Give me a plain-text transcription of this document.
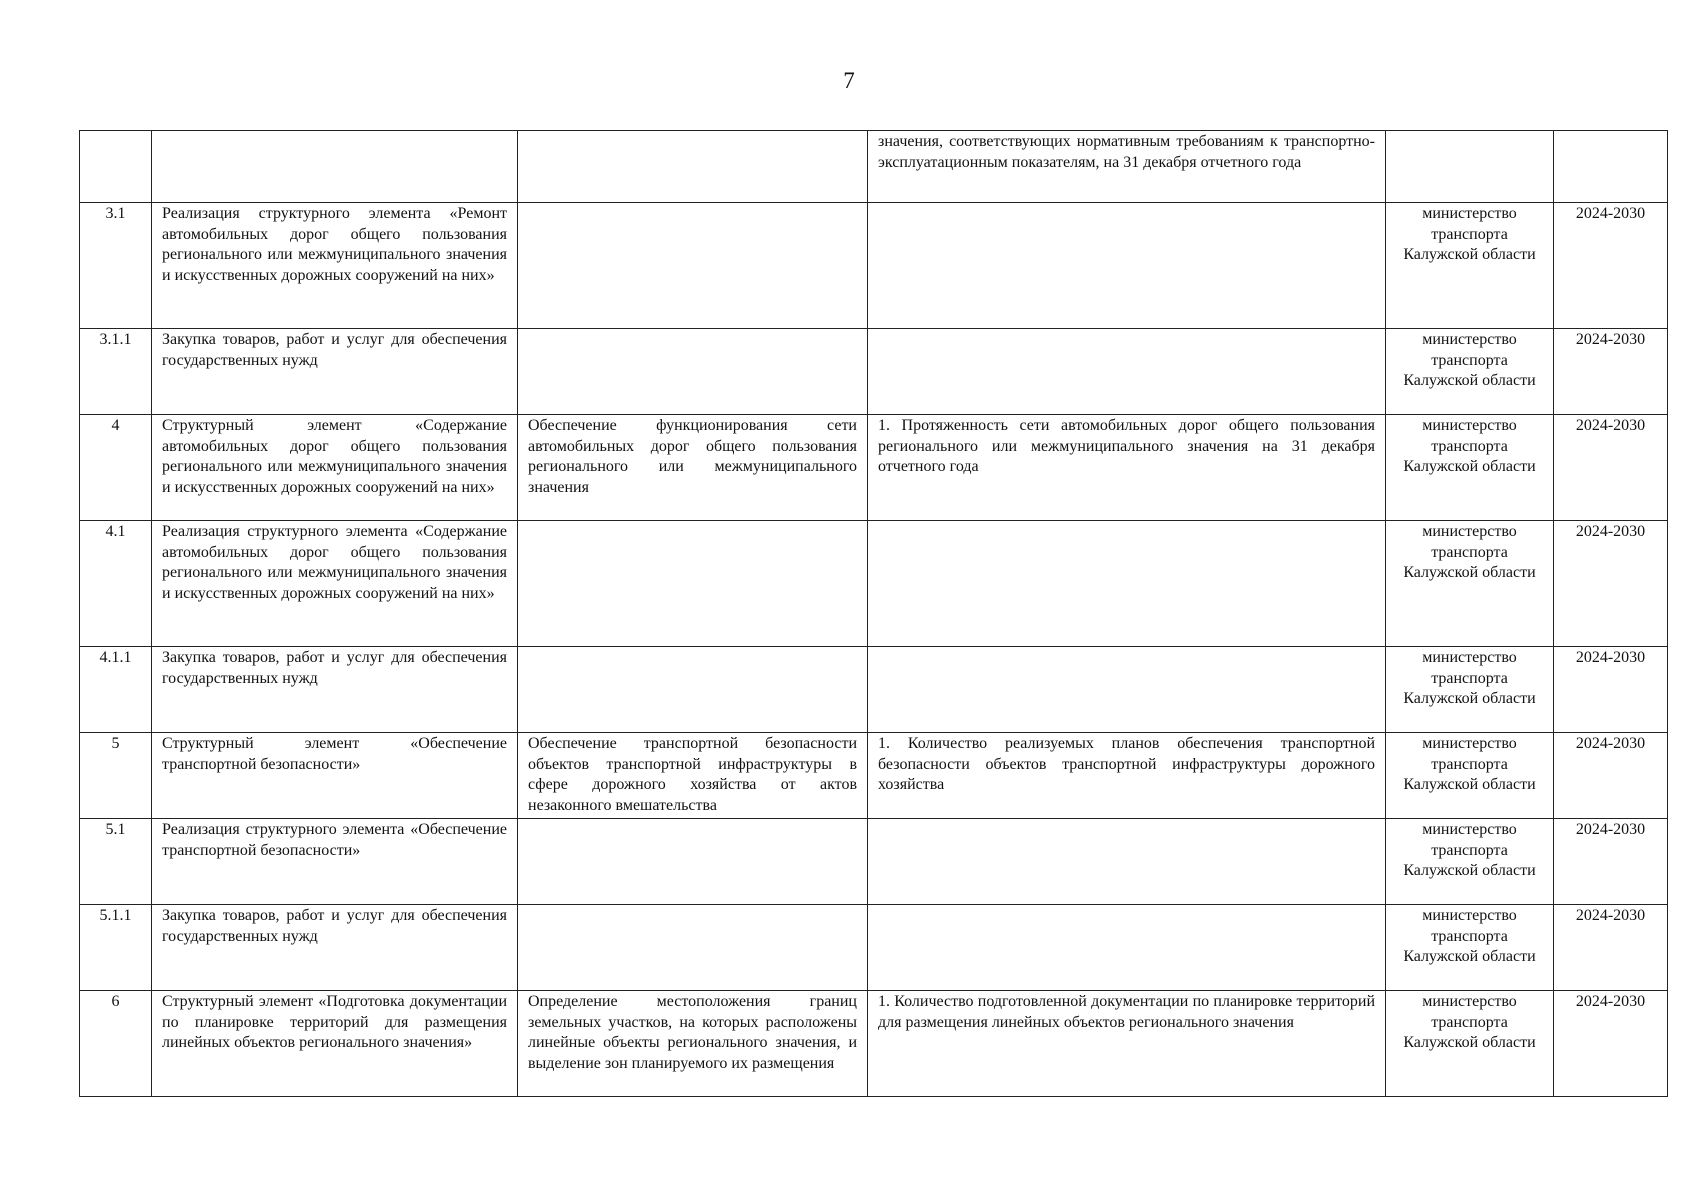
7
			значения, соответствующих нормативным требованиям к транспортно-эксплуатационным показателям, на 31 декабря отчетного года		
3.1	Реализация структурного элемента «Ремонт автомобильных дорог общего пользования регионального или межмуниципального значения и искусственных дорожных сооружений на них»			министерство транспорта Калужской области	2024-2030
3.1.1	Закупка товаров, работ и услуг для обеспечения государственных нужд			министерство транспорта Калужской области	2024-2030
4	Структурный элемент «Содержание автомобильных дорог общего пользования регионального или межмуниципального значения и искусственных дорожных сооружений на них»	Обеспечение функционирования сети автомобильных дорог общего пользования регионального или межмуниципального значения	1. Протяженность сети автомобильных дорог общего пользования регионального или межмуниципального значения на 31 декабря отчетного года	министерство транспорта Калужской области	2024-2030
4.1	Реализация структурного элемента «Содержание автомобильных дорог общего пользования регионального или межмуниципального значения и искусственных дорожных сооружений на них»			министерство транспорта Калужской области	2024-2030
4.1.1	Закупка товаров, работ и услуг для обеспечения государственных нужд			министерство транспорта Калужской области	2024-2030
5	Структурный элемент «Обеспечение транспортной безопасности»	Обеспечение транспортной безопасности объектов транспортной инфраструктуры в сфере дорожного хозяйства от актов незаконного вмешательства	1. Количество реализуемых планов обеспечения транспортной безопасности объектов транспортной инфраструктуры дорожного хозяйства	министерство транспорта Калужской области	2024-2030
5.1	Реализация структурного элемента «Обеспечение транспортной безопасности»			министерство транспорта Калужской области	2024-2030
5.1.1	Закупка товаров, работ и услуг для обеспечения государственных нужд			министерство транспорта Калужской области	2024-2030
6	Структурный элемент «Подготовка документации по планировке территорий для размещения линейных объектов регионального значения»	Определение местоположения границ земельных участков, на которых расположены линейные объекты регионального значения, и выделение зон планируемого их размещения	1. Количество подготовленной документации по планировке территорий для размещения линейных объектов регионального значения	министерство транспорта Калужской области	2024-2030
